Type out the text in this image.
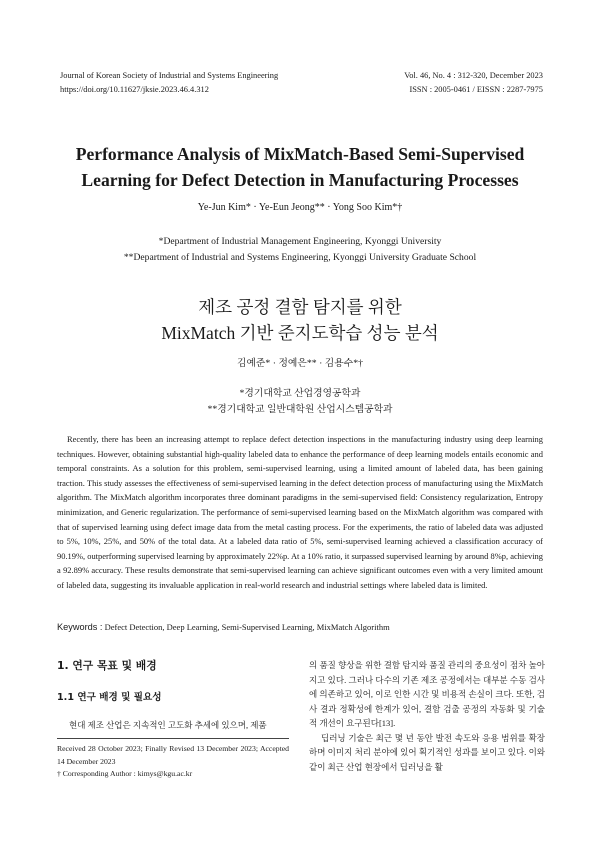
Journal of Korean Society of Industrial and Systems Engineering
https://doi.org/10.11627/jksie.2023.46.4.312
Vol. 46, No. 4 : 312-320, December 2023
ISSN : 2005-0461 / EISSN : 2287-7975
Performance Analysis of MixMatch-Based Semi-Supervised
Learning for Defect Detection in Manufacturing Processes
Ye-Jun Kim* · Ye-Eun Jeong** · Yong Soo Kim*†
*Department of Industrial Management Engineering, Kyonggi University
**Department of Industrial and Systems Engineering, Kyonggi University Graduate School
제조 공정 결함 탐지를 위한
MixMatch 기반 준지도학습 성능 분석
김예준* · 정예은** · 김용수*†
*경기대학교 산업경영공학과
**경기대학교 일반대학원 산업시스템공학과

Recently, there has been an increasing attempt to replace defect detection inspections in the manufacturing industry using deep learning techniques. However, obtaining substantial high-quality labeled data to enhance the performance of deep learning models entails economic and temporal constraints. As a solution for this problem, semi-supervised learning, using a limited amount of labeled data, has been gaining traction. This study assesses the effectiveness of semi-supervised learning in the defect detection process of manufacturing using the MixMatch algorithm. The MixMatch algorithm incorporates three dominant paradigms in the semi-supervised field: Consistency regularization, Entropy minimization, and Generic regularization. The performance of semi-supervised learning based on the MixMatch algorithm was compared with that of supervised learning using defect image data from the metal casting process. For the experiments, the ratio of labeled data was adjusted to 5%, 10%, 25%, and 50% of the total data. At a labeled data ratio of 5%, semi-supervised learning achieved a classification accuracy of 90.19%, outperforming supervised learning by approximately 22%p. At a 10% ratio, it surpassed supervised learning by around 8%p, achieving a 92.89% accuracy. These results demonstrate that semi-supervised learning can achieve significant outcomes even with a very limited amount of labeled data, suggesting its invaluable application in real-world research and industrial settings where labeled data is limited.

Keywords : Defect Detection, Deep Learning, Semi-Supervised Learning, MixMatch Algorithm
1. 연구 목표 및 배경
1.1 연구 배경 및 필요성

현대 제조 산업은 지속적인 고도화 추세에 있으며, 제품

Received 28 October 2023; Finally Revised 13 December 2023; Accepted 14 December 2023
† Corresponding Author : kimys@kgu.ac.kr

의 품질 향상을 위한 결함 탐지와 품질 관리의 중요성이 점차 높아지고 있다. 그러나 다수의 기존 제조 공정에서는 대부분 수동 검사에 의존하고 있어, 이로 인한 시간 및 비용적 손실이 크다. 또한, 검사 결과 정확성에 한계가 있어, 결함 검출 공정의 자동화 및 기술적 개선이 요구된다[13].

딥러닝 기술은 최근 몇 년 동안 발전 속도와 응용 범위를 확장하며 이미지 처리 분야에 있어 획기적인 성과를 보이고 있다. 이와 같이 최근 산업 현장에서 딥러닝을 활
